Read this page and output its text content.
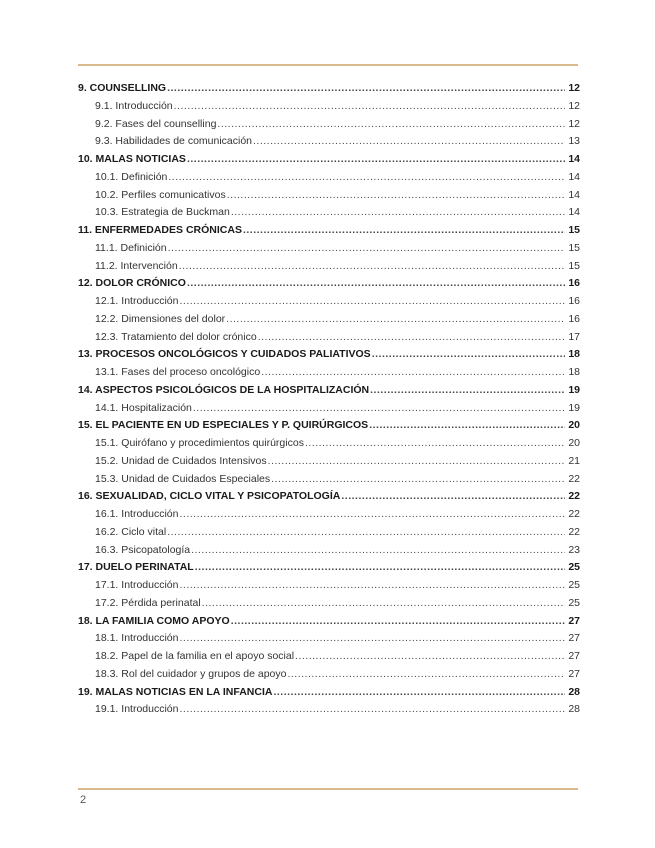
9. COUNSELLING .....	12
9.1. Introducción .....	12
9.2. Fases del counselling .....	12
9.3. Habilidades de comunicación .....	13
10. MALAS NOTICIAS .....	14
10.1. Definición .....	14
10.2. Perfiles comunicativos .....	14
10.3. Estrategia de Buckman .....	14
11. ENFERMEDADES CRÓNICAS .....	15
11.1. Definición .....	15
11.2. Intervención .....	15
12. DOLOR CRÓNICO .....	16
12.1. Introducción .....	16
12.2. Dimensiones del dolor .....	16
12.3. Tratamiento del dolor crónico .....	17
13. PROCESOS ONCOLÓGICOS Y CUIDADOS PALIATIVOS .....	18
13.1. Fases del proceso oncológico .....	18
14. ASPECTOS PSICOLÓGICOS DE LA HOSPITALIZACIÓN .....	19
14.1. Hospitalización .....	19
15. EL PACIENTE EN UD ESPECIALES Y P. QUIRÚRGICOS .....	20
15.1. Quirófano y procedimientos quirúrgicos .....	20
15.2. Unidad de Cuidados Intensivos .....	21
15.3. Unidad de Cuidados Especiales .....	22
16. SEXUALIDAD, CICLO VITAL Y PSICOPATOLOGÍA .....	22
16.1. Introducción .....	22
16.2. Ciclo vital .....	22
16.3. Psicopatología .....	23
17. DUELO PERINATAL .....	25
17.1. Introducción .....	25
17.2. Pérdida perinatal .....	25
18. LA FAMILIA COMO APOYO .....	27
18.1. Introducción .....	27
18.2. Papel de la familia en el apoyo social .....	27
18.3. Rol del cuidador y grupos de apoyo .....	27
19. MALAS NOTICIAS EN LA INFANCIA .....	28
19.1. Introducción .....	28
2
